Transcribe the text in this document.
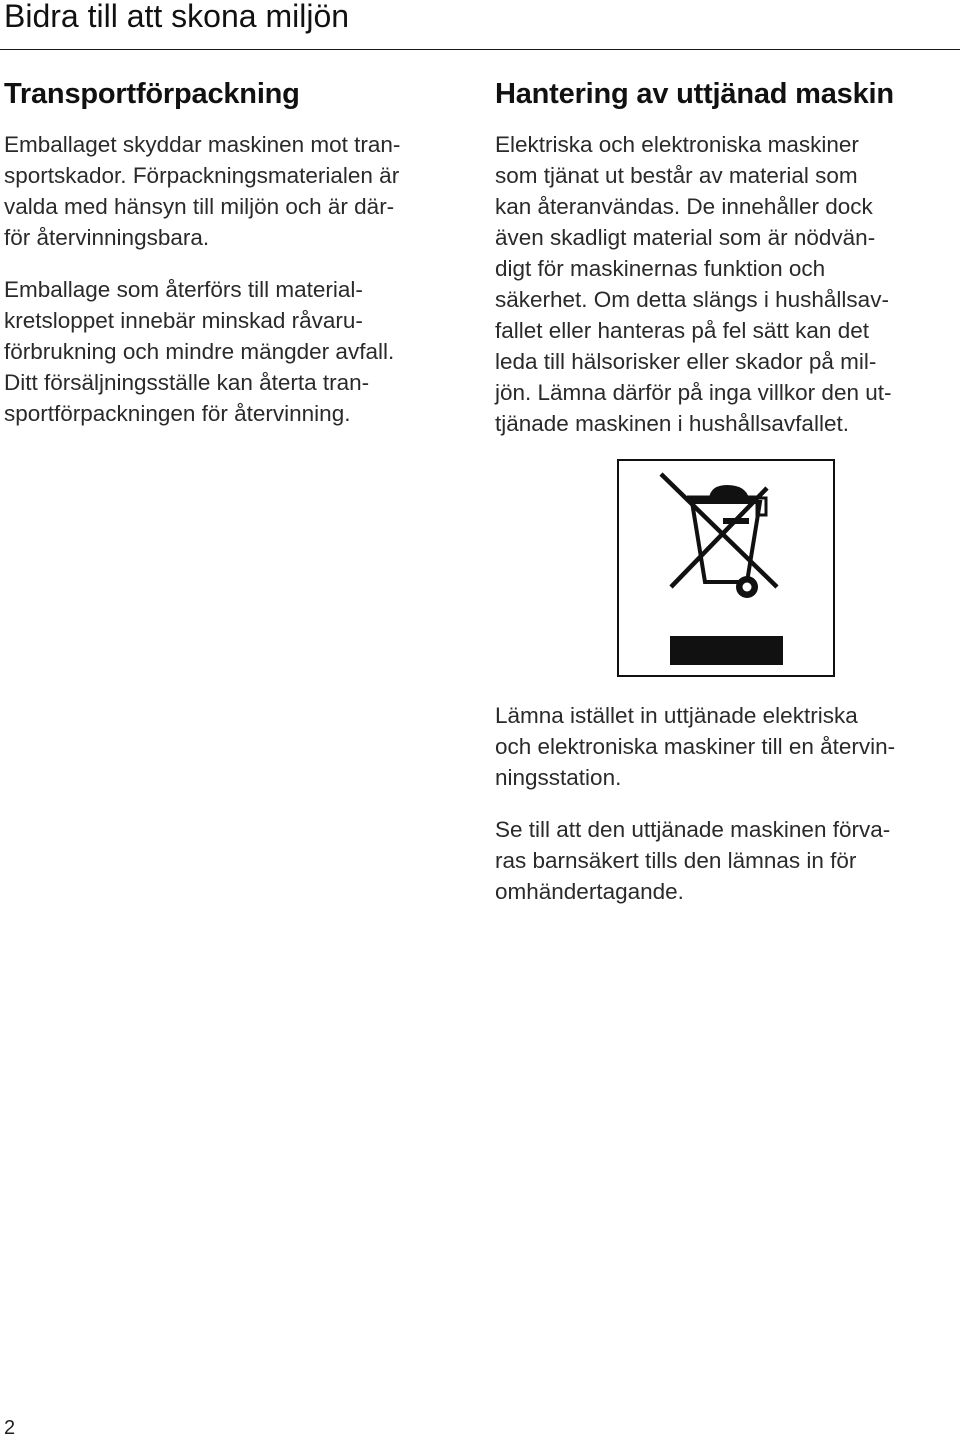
Bidra till att skona miljön
Transportförpackning

Emballaget skyddar maskinen mot tran-
sportskador. Förpackningsmaterialen är
valda med hänsyn till miljön och är där-
för återvinningsbara.

Emballage som återförs till material-
kretsloppet innebär minskad råvaru-
förbrukning och mindre mängder avfall.
Ditt försäljningsställe kan återta tran-
sportförpackningen för återvinning.

Hantering av uttjänad maskin

Elektriska och elektroniska maskiner
som tjänat ut består av material som
kan återanvändas. De innehåller dock
även skadligt material som är nödvän-
digt för maskinernas funktion och
säkerhet. Om detta slängs i hushållsav-
fallet eller hanteras på fel sätt kan det
leda till hälsorisker eller skador på mil-
jön. Lämna därför på inga villkor den ut-
tjänade maskinen i hushållsavfallet.

Lämna istället in uttjänade elektriska
och elektroniska maskiner till en återvin-
ningsstation.

Se till att den uttjänade maskinen förva-
ras barnsäkert tills den lämnas in för
omhändertagande.

2
